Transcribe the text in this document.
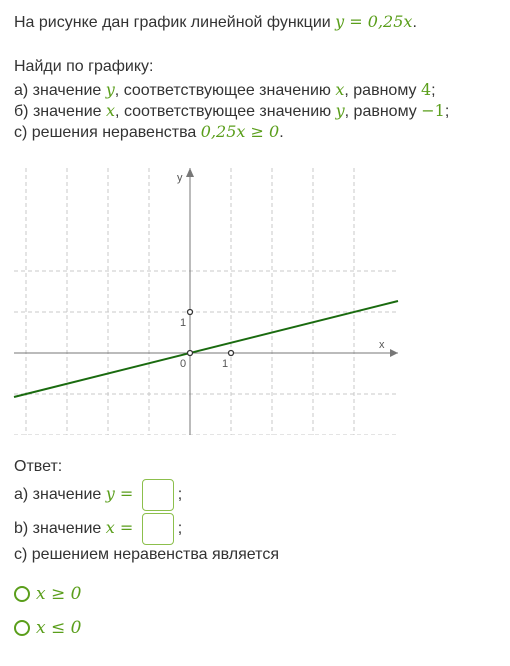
На рисунке дан график линейной функции y = 0,25x.
Найди по графику:
а) значение y, соответствующее значению x, равному 4;
б) значение x, соответствующее значению y, равному −1;
с) решения неравенства 0,25x ≥ 0.
x
y
0	1
1
Ответ:
а) значение y =	;
b) значение x =	;
с) решением неравенства является
x ≥ 0
x ≤ 0
